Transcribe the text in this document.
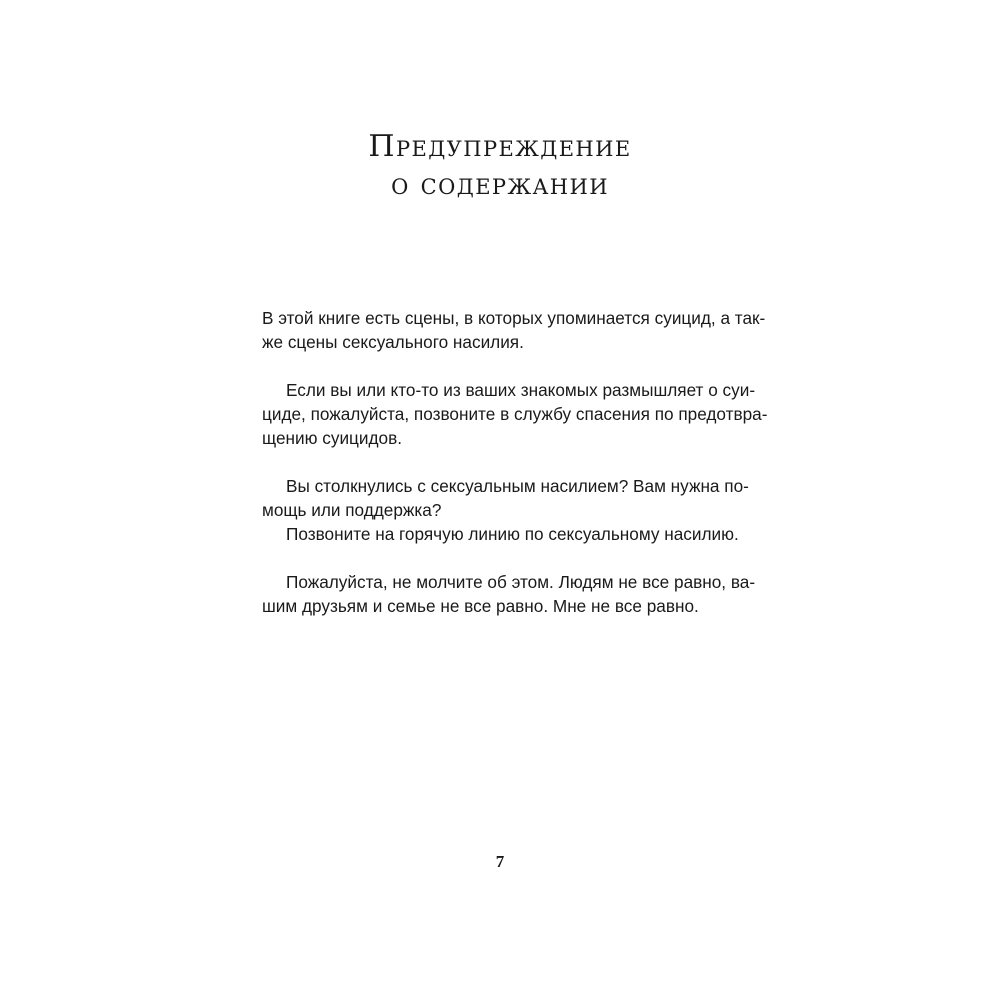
Предупреждение
о содержании

В этой книге есть сцены, в которых упоминается суицид, а так-
же сцены сексуального насилия.

Если вы или кто-то из ваших знакомых размышляет о суи-
циде, пожалуйста, позвоните в службу спасения по предотвра-
щению суицидов.

Вы столкнулись с сексуальным насилием? Вам нужна по-
мощь или поддержка?

Позвоните на горячую линию по сексуальному насилию.

Пожалуйста, не молчите об этом. Людям не все равно, ва-
шим друзьям и семье не все равно. Мне не все равно.

7
